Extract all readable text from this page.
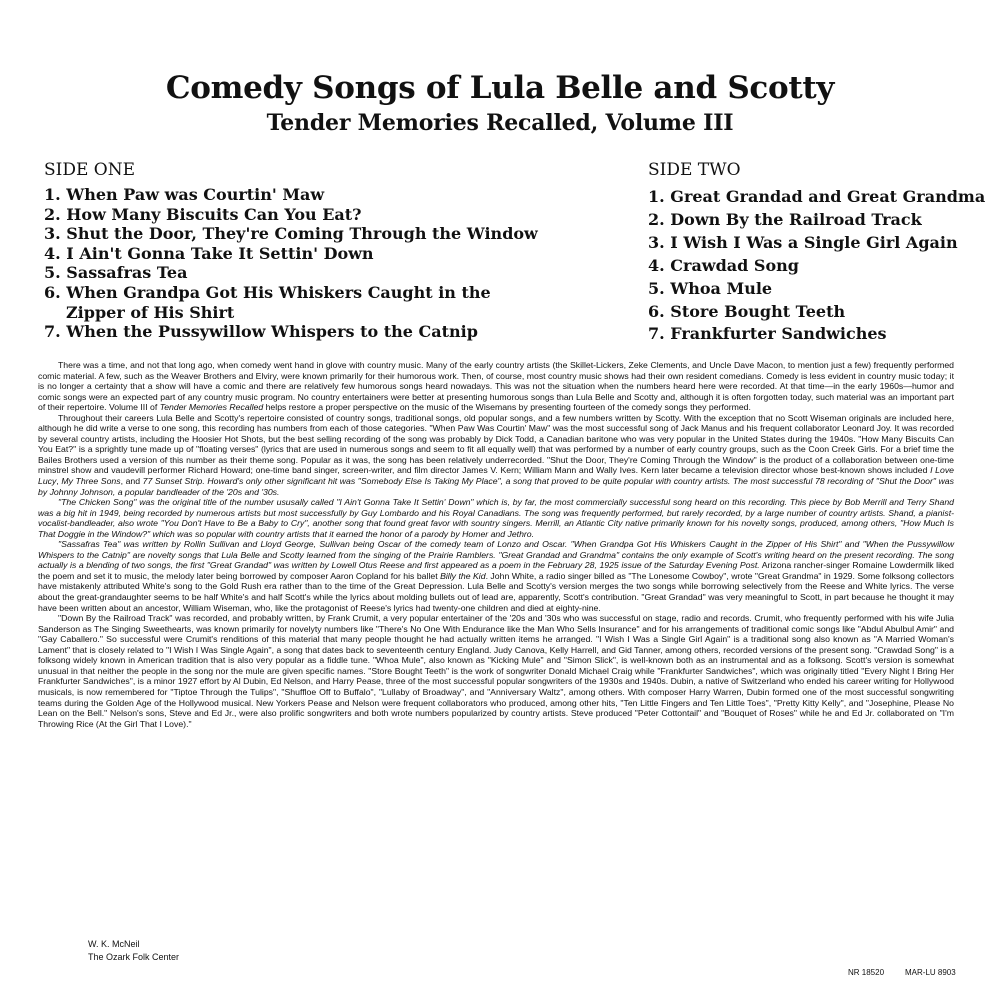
Comedy Songs of Lula Belle and Scotty
Tender Memories Recalled, Volume III
SIDE ONE
1. When Paw was Courtin' Maw
2. How Many Biscuits Can You Eat?
3. Shut the Door, They're Coming Through the Window
4. I Ain't Gonna Take It Settin' Down
5. Sassafras Tea
6. When Grandpa Got His Whiskers Caught in the
Zipper of His Shirt
7. When the Pussywillow Whispers to the Catnip
SIDE TWO
1. Great Grandad and Great Grandma
2. Down By the Railroad Track
3. I Wish I Was a Single Girl Again
4. Crawdad Song
5. Whoa Mule
6. Store Bought Teeth
7. Frankfurter Sandwiches

There was a time, and not that long ago, when comedy went hand in glove with country music. Many of the early country artists (the Skillet-Lickers, Zeke Clements, and Uncle Dave Macon, to mention just a few) frequently performed comic material. A few, such as the Weaver Brothers and Elviry, were known primarily for their humorous work. Then, of course, most country music shows had their own resident comedians. Comedy is less evident in country music today; it is no longer a certainty that a show will have a comic and there are relatively few humorous songs heard nowadays. This was not the situation when the numbers heard here were recorded. At that time—in the early 1960s—humor and comic songs were an expected part of any country music program. No country entertainers were better at presenting humorous songs than Lula Belle and Scotty and, although it is often forgotten today, such material was an important part of their repertoire. Volume III of Tender Memories Recalled helps restore a proper perspective on the music of the Wisemans by presenting fourteen of the comedy songs they performed.

Throughout their careers Lula Belle and Scotty's repertoire consisted of country songs, traditional songs, old popular songs, and a few numbers written by Scotty. With the exception that no Scott Wiseman originals are included here, although he did write a verse to one song, this recording has numbers from each of those categories. "When Paw Was Courtin' Maw" was the most successful song of Jack Manus and his frequent collaborator Leonard Joy. It was recorded by several country artists, including the Hoosier Hot Shots, but the best selling recording of the song was probably by Dick Todd, a Canadian baritone who was very popular in the United States during the 1940s. "How Many Biscuits Can You Eat?" is a sprightly tune made up of "floating verses" (lyrics that are used in numerous songs and seem to fit all equally well) that was performed by a number of early country groups, such as the Coon Creek Girls. For a brief time the Bailes Brothers used a version of this number as their theme song. Popular as it was, the song has been relatively underrecorded. "Shut the Door, They're Coming Through the Window" is the product of a collaboration between one-time minstrel show and vaudevill performer Richard Howard; one-time band singer, screen-writer, and film director James V. Kern; William Mann and Wally Ives. Kern later became a television director whose best-known shows included I Love Lucy, My Three Sons, and 77 Sunset Strip. Howard's only other significant hit was "Somebody Else Is Taking My Place", a song that proved to be quite popular with country artists. The most successful 78 recording of "Shut the Door" was by Johnny Johnson, a popular bandleader of the '20s and '30s.

"The Chicken Song" was the original title of the number ususally called "I Ain't Gonna Take It Settin' Down" which is, by far, the most commercially successful song heard on this recording. This piece by Bob Merrill and Terry Shand was a big hit in 1949, being recorded by numerous artists but most successfully by Guy Lombardo and his Royal Canadians. The song was frequently performed, but rarely recorded, by a large number of country artists. Shand, a pianist-vocalist-bandleader, also wrote "You Don't Have to Be a Baby to Cry", another song that found great favor with sountry singers. Merrill, an Atlantic City native primarily known for his novelty songs, produced, among others, "How Much Is That Doggie in the Window?" which was so popular with country artists that it earned the honor of a parody by Homer and Jethro.

"Sassafras Tea" was written by Rollin Sullivan and Lloyd George, Sullivan being Oscar of the comedy team of Lonzo and Oscar. "When Grandpa Got His Whiskers Caught in the Zipper of His Shirt" and "When the Pussywillow Whispers to the Catnip" are novelty songs that Lula Belle and Scotty learned from the singing of the Prairie Ramblers. "Great Grandad and Grandma" contains the only example of Scott's writing heard on the present recording. The song actually is a blending of two songs, the first "Great Grandad" was written by Lowell Otus Reese and first appeared as a poem in the February 28, 1925 issue of the Saturday Evening Post. Arizona rancher-singer Romaine Lowdermilk liked the poem and set it to music, the melody later being borrowed by composer Aaron Copland for his ballet Billy the Kid. John White, a radio singer billed as "The Lonesome Cowboy", wrote "Great Grandma" in 1929. Some folksong collectors have mistakenly attributed White's song to the Gold Rush era rather than to the time of the Great Depression. Lula Belle and Scotty's version merges the two songs while borrowing selectively from the Reese and White lyrics. The verse about the great-grandaughter seems to be half White's and half Scott's while the lyrics about molding bullets out of lead are, apparently, Scott's contribution. "Great Grandad" was very meaningful to Scott, in part because he thought it may have been written about an ancestor, William Wiseman, who, like the protagonist of Reese's lyrics had twenty-one children and died at eighty-nine.

"Down By the Railroad Track" was recorded, and probably written, by Frank Crumit, a very popular entertainer of the '20s and '30s who was successful on stage, radio and records. Crumit, who frequently performed with his wife Julia Sanderson as The Singing Sweethearts, was known primarily for novelyty numbers like "There's No One With Endurance like the Man Who Sells Insurance" and for his arrangements of traditional comic songs like "Abdul Abulbul Amir" and "Gay Caballero." So successful were Crumit's renditions of this material that many people thought he had actually written items he arranged. "I Wish I Was a Single Girl Again" is a traditional song also known as "A Married Woman's Lament" that is closely related to "I Wish I Was Single Again", a song that dates back to seventeenth century England. Judy Canova, Kelly Harrell, and Gid Tanner, among others, recorded versions of the present song. "Crawdad Song" is a folksong widely known in American tradition that is also very popular as a fiddle tune. "Whoa Mule", also known as "Kicking Mule" and "Simon Slick", is well-known both as an instrumental and as a folksong. Scott's version is somewhat unusual in that neither the people in the song nor the mule are given specific names. "Store Bought Teeth" is the work of songwriter Donald Michael Craig while "Frankfurter Sandwiches", which was originally titled "Every Night I Bring Her Frankfurter Sandwiches", is a minor 1927 effort by Al Dubin, Ed Nelson, and Harry Pease, three of the most successful popular songwriters of the 1930s and 1940s. Dubin, a native of Switzerland who ended his career writing for Hollywood musicals, is now remembered for "Tiptoe Through the Tulips", "Shuffloe Off to Buffalo", "Lullaby of Broadway", and "Anniversary Waltz", among others. With composer Harry Warren, Dubin formed one of the most successful songwriting teams during the Golden Age of the Hollywood musical. New Yorkers Pease and Nelson were frequent collaborators who produced, among other hits, "Ten Little Fingers and Ten Little Toes", "Pretty Kitty Kelly", and "Josephine, Please No Lean on the Bell." Nelson's sons, Steve and Ed Jr., were also prolific songwriters and both wrote numbers popularized by country artists. Steve produced "Peter Cottontail" and "Bouquet of Roses" while he and Ed Jr. collaborated on "I'm Throwing Rice (At the Girl That I Love)."

W. K. McNeil
The Ozark Folk Center
NR 18520	MAR-LU 8903
